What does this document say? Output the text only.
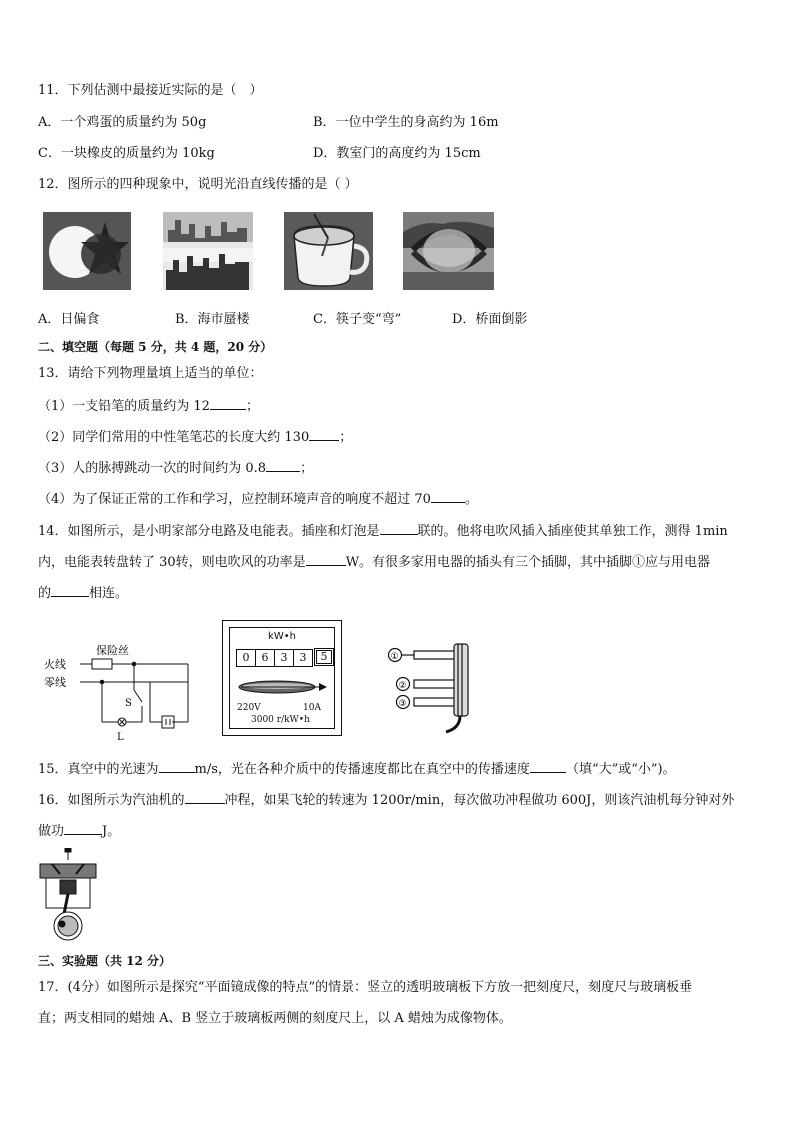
11．下列估测中最接近实际的是（　）
A．一个鸡蛋的质量约为 50g	B．一位中学生的身高约为 16m
C．一块橡皮的质量约为 10kg	D．教室门的高度约为 15cm
12．图所示的四种现象中，说明光沿直线传播的是（ ）
A．日偏食	B．海市蜃楼	C．筷子变“弯”	D．桥面倒影
二、填空题（每题 5 分，共 4 题，20 分）
13．请给下列物理量填上适当的单位：
（1）一支铅笔的质量约为 12	；
（2）同学们常用的中性笔笔芯的长度大约 130 ；
（3）人的脉搏跳动一次的时间约为 0.8	；
（4）为了保证正常的工作和学习，应控制环境声音的响度不超过 70	。
14．如图所示，是小明家部分电路及电能表。插座和灯泡是	联的。他将电吹风插入插座使其单独工作，测得 1min
内，电能表转盘转了 30转，则电吹风的功率是	W。有很多家用电器的插头有三个插脚，其中插脚①应与用电器
的	相连。
保险丝
火线
零线
S
L
kW•h
0	6	3	3	5
220V	10A
3000 r/kW•h
①
②
③
15．真空中的光速为	m/s，光在各种介质中的传播速度都比在真空中的传播速度	（填“大”或“小”)。
16．如图所示为汽油机的	冲程，如果飞轮的转速为 1200r/min，每次做功冲程做功 600J，则该汽油机每分钟对外
做功	J。
三、实验题（共 12 分）
17．(4分）如图所示是探究“平面镜成像的特点”的情景：竖立的透明玻璃板下方放一把刻度尺，刻度尺与玻璃板垂
直；两支相同的蜡烛 A、B 竖立于玻璃板两侧的刻度尺上，以 A 蜡烛为成像物体。
